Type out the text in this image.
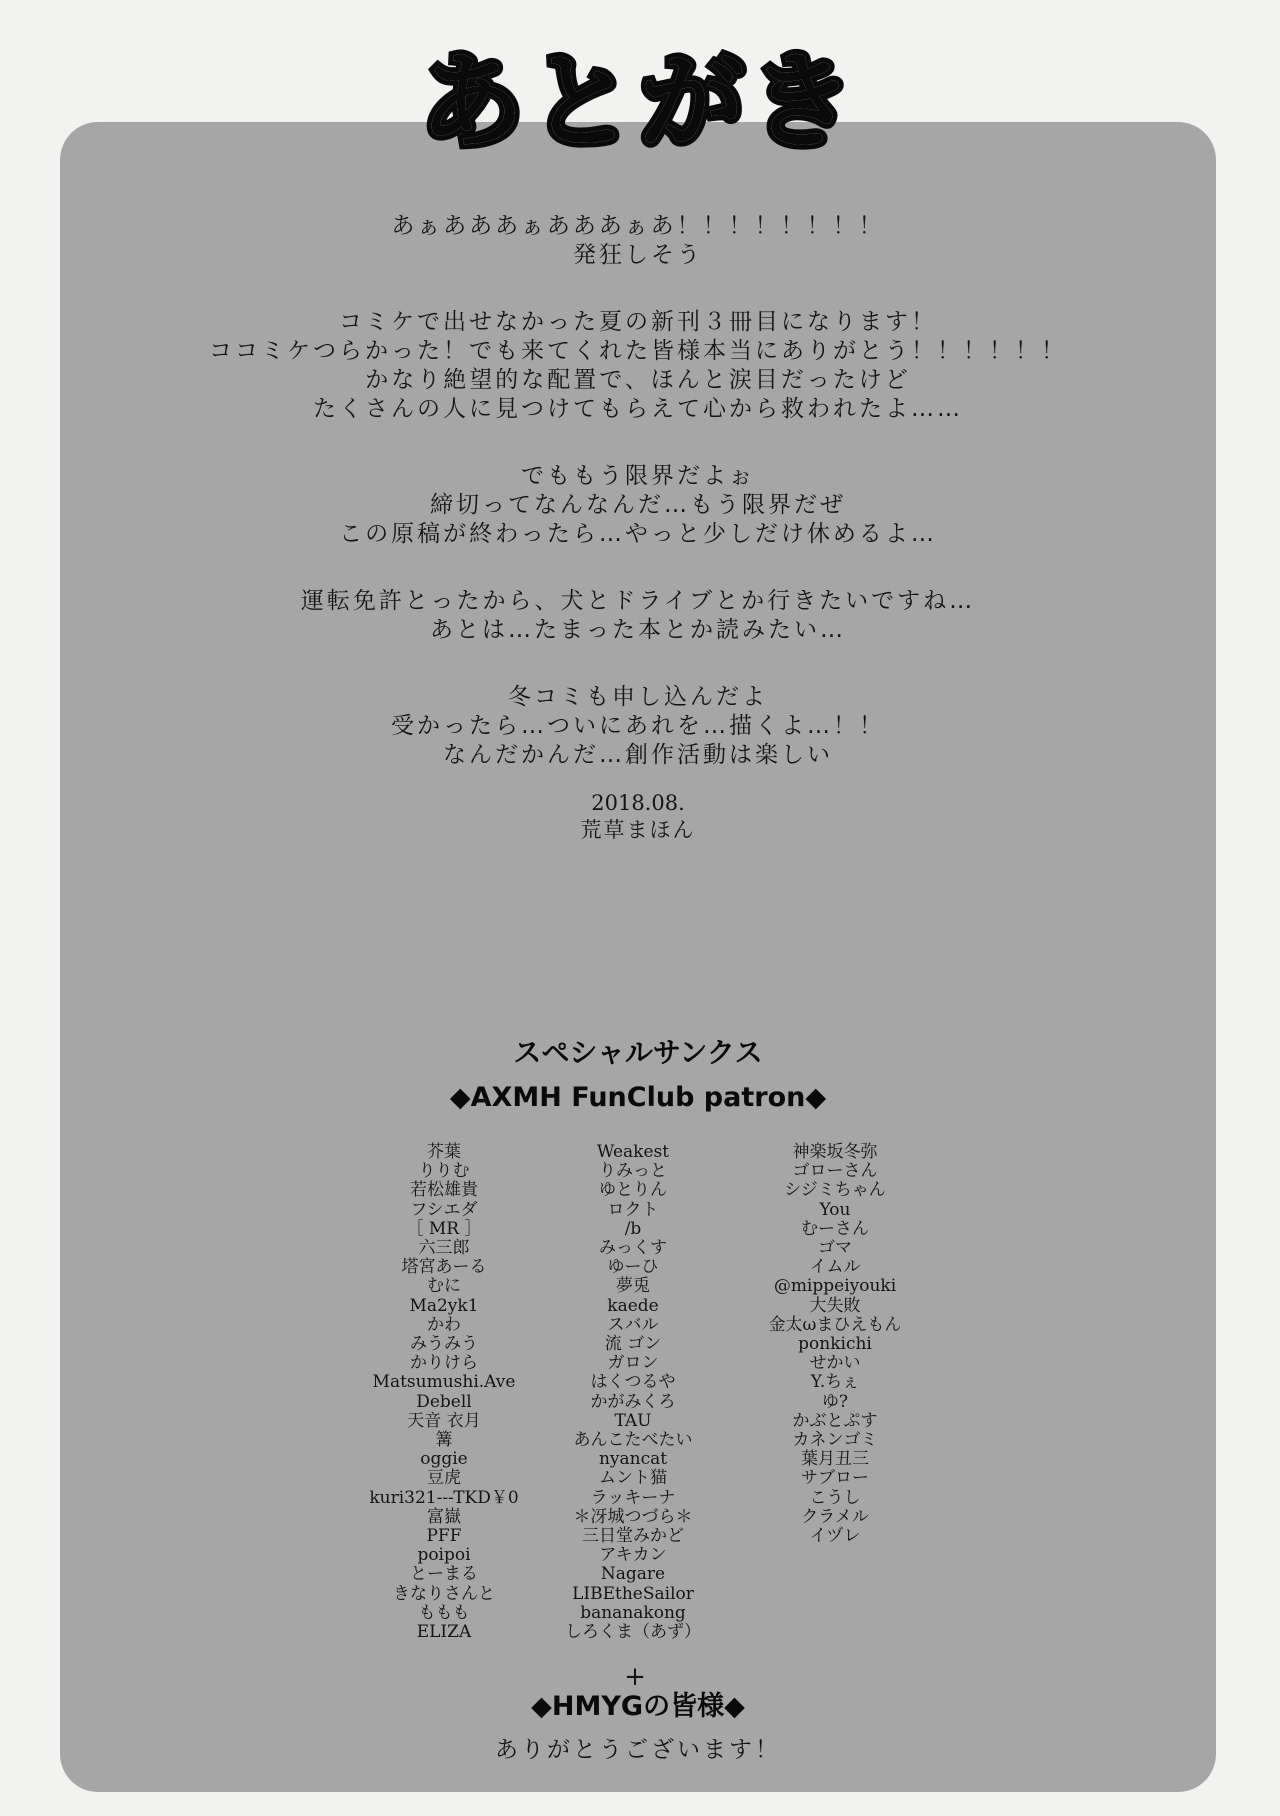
あとがき
あぁあああぁあああぁあ！！！！！！！！
発狂しそう
コミケで出せなかった夏の新刊３冊目になります！
ココミケつらかった！でも来てくれた皆様本当にありがとう！！！！！！
かなり絶望的な配置で、ほんと涙目だったけど
たくさんの人に見つけてもらえて心から救われたよ……
でももう限界だよぉ
締切ってなんなんだ…もう限界だぜ
この原稿が終わったら…やっと少しだけ休めるよ…
運転免許とったから、犬とドライブとか行きたいですね…
あとは…たまった本とか読みたい…
冬コミも申し込んだよ
受かったら…ついにあれを…描くよ…！！
なんだかんだ…創作活動は楽しい
2018.08.
荒草まほん
スペシャルサンクス
◆AXMH FunClub patron◆
芥葉
りりむ
若松雄貴
フシエダ
［ MR ］
六三郎
塔宮あーる
むに
Ma2yk1
かわ
みうみう
かりけら
Matsumushi.Ave
Debell
天音 衣月
篝
oggie
豆虎
kuri321---TKD￥0
富嶽
PFF
poipoi
とーまる
きなりさんと
ももも
ELIZA
Weakest
りみっと
ゆとりん
ロクト
/b
みっくす
ゆーひ
夢兎
kaede
スバル
流 ゴン
ガロン
はくつるや
かがみくろ
TAU
あんこたべたい
nyancat
ムント猫
ラッキーナ
＊冴城つづら＊
三日堂みかど
アキカン
Nagare
LIBEtheSailor
bananakong
しろくま（あず）
神楽坂冬弥
ゴローさん
シジミちゃん
You
むーさん
ゴマ
イムル
@mippeiyouki
大失敗
金太ωまひえもん
ponkichi
せかい
Y.ちぇ
ゆ?
かぶとぷす
カネンゴミ
葉月丑三
サブロー
こうし
クラメル
イヅレ
+
◆HMYGの皆様◆
ありがとうございます！
